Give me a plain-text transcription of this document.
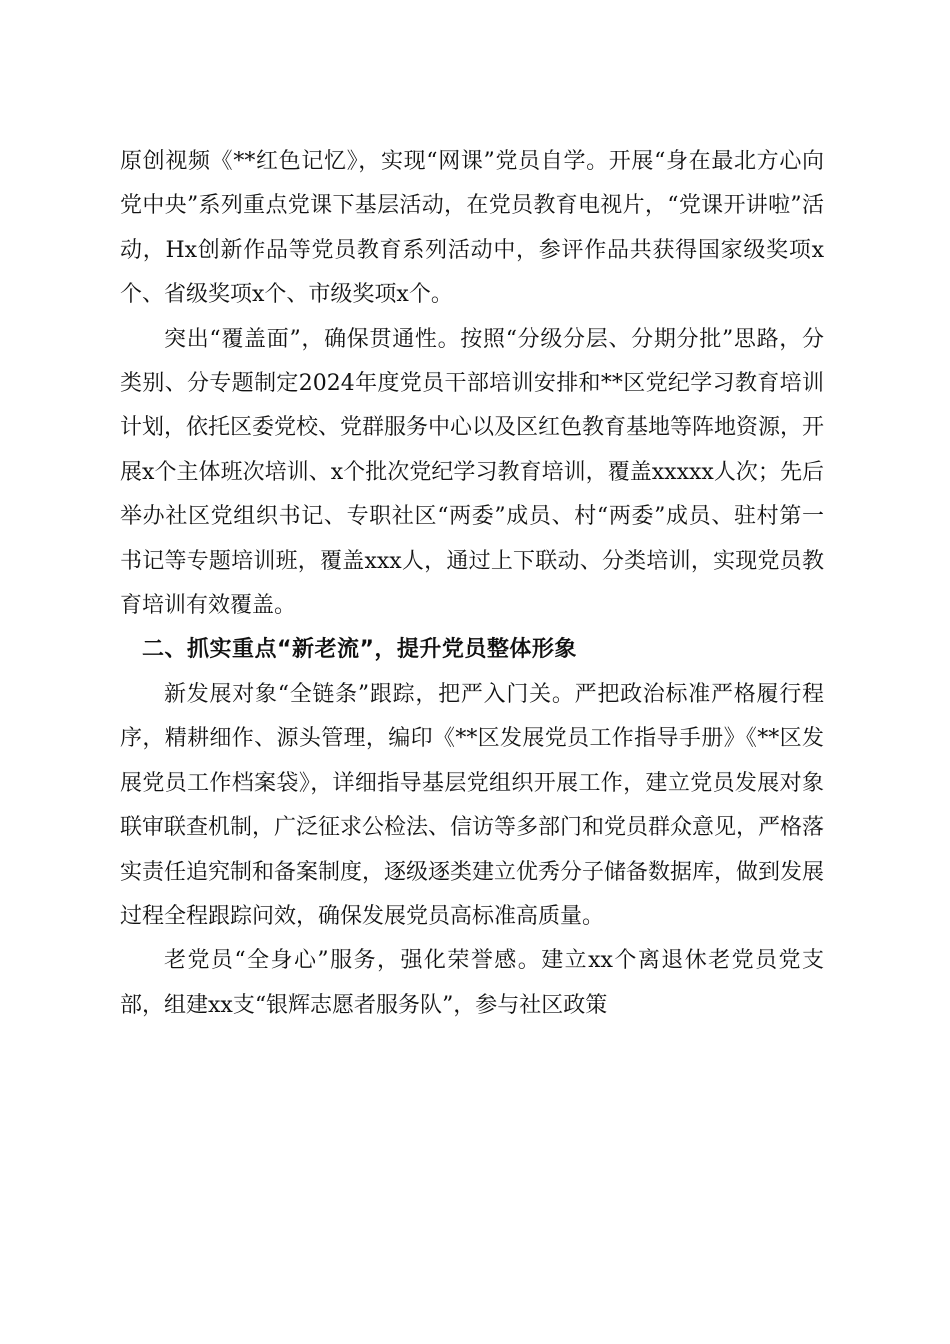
原创视频《**红色记忆》，实现“网课”党员自学。开展“身在最北方心向党中央”系列重点党课下基层活动，在党员教育电视片，“党课开讲啦”活动，Hx创新作品等党员教育系列活动中，参评作品共获得国家级奖项x个、省级奖项x个、市级奖项x个。

突出“覆盖面”，确保贯通性。按照“分级分层、分期分批”思路，分类别、分专题制定2024年度党员干部培训安排和**区党纪学习教育培训计划，依托区委党校、党群服务中心以及区红色教育基地等阵地资源，开展x个主体班次培训、x个批次党纪学习教育培训，覆盖xxxxx人次；先后举办社区党组织书记、专职社区“两委”成员、村“两委”成员、驻村第一书记等专题培训班，覆盖xxx人，通过上下联动、分类培训，实现党员教育培训有效覆盖。

二、抓实重点“新老流”，提升党员整体形象

新发展对象“全链条”跟踪，把严入门关。严把政治标准严格履行程序，精耕细作、源头管理，编印《**区发展党员工作指导手册》《**区发展党员工作档案袋》，详细指导基层党组织开展工作，建立党员发展对象联审联查机制，广泛征求公检法、信访等多部门和党员群众意见，严格落实责任追究制和备案制度，逐级逐类建立优秀分子储备数据库，做到发展过程全程跟踪问效，确保发展党员高标准高质量。

老党员“全身心”服务，强化荣誉感。建立xx个离退休老党员党支部，组建xx支“银辉志愿者服务队”，参与社区政策
